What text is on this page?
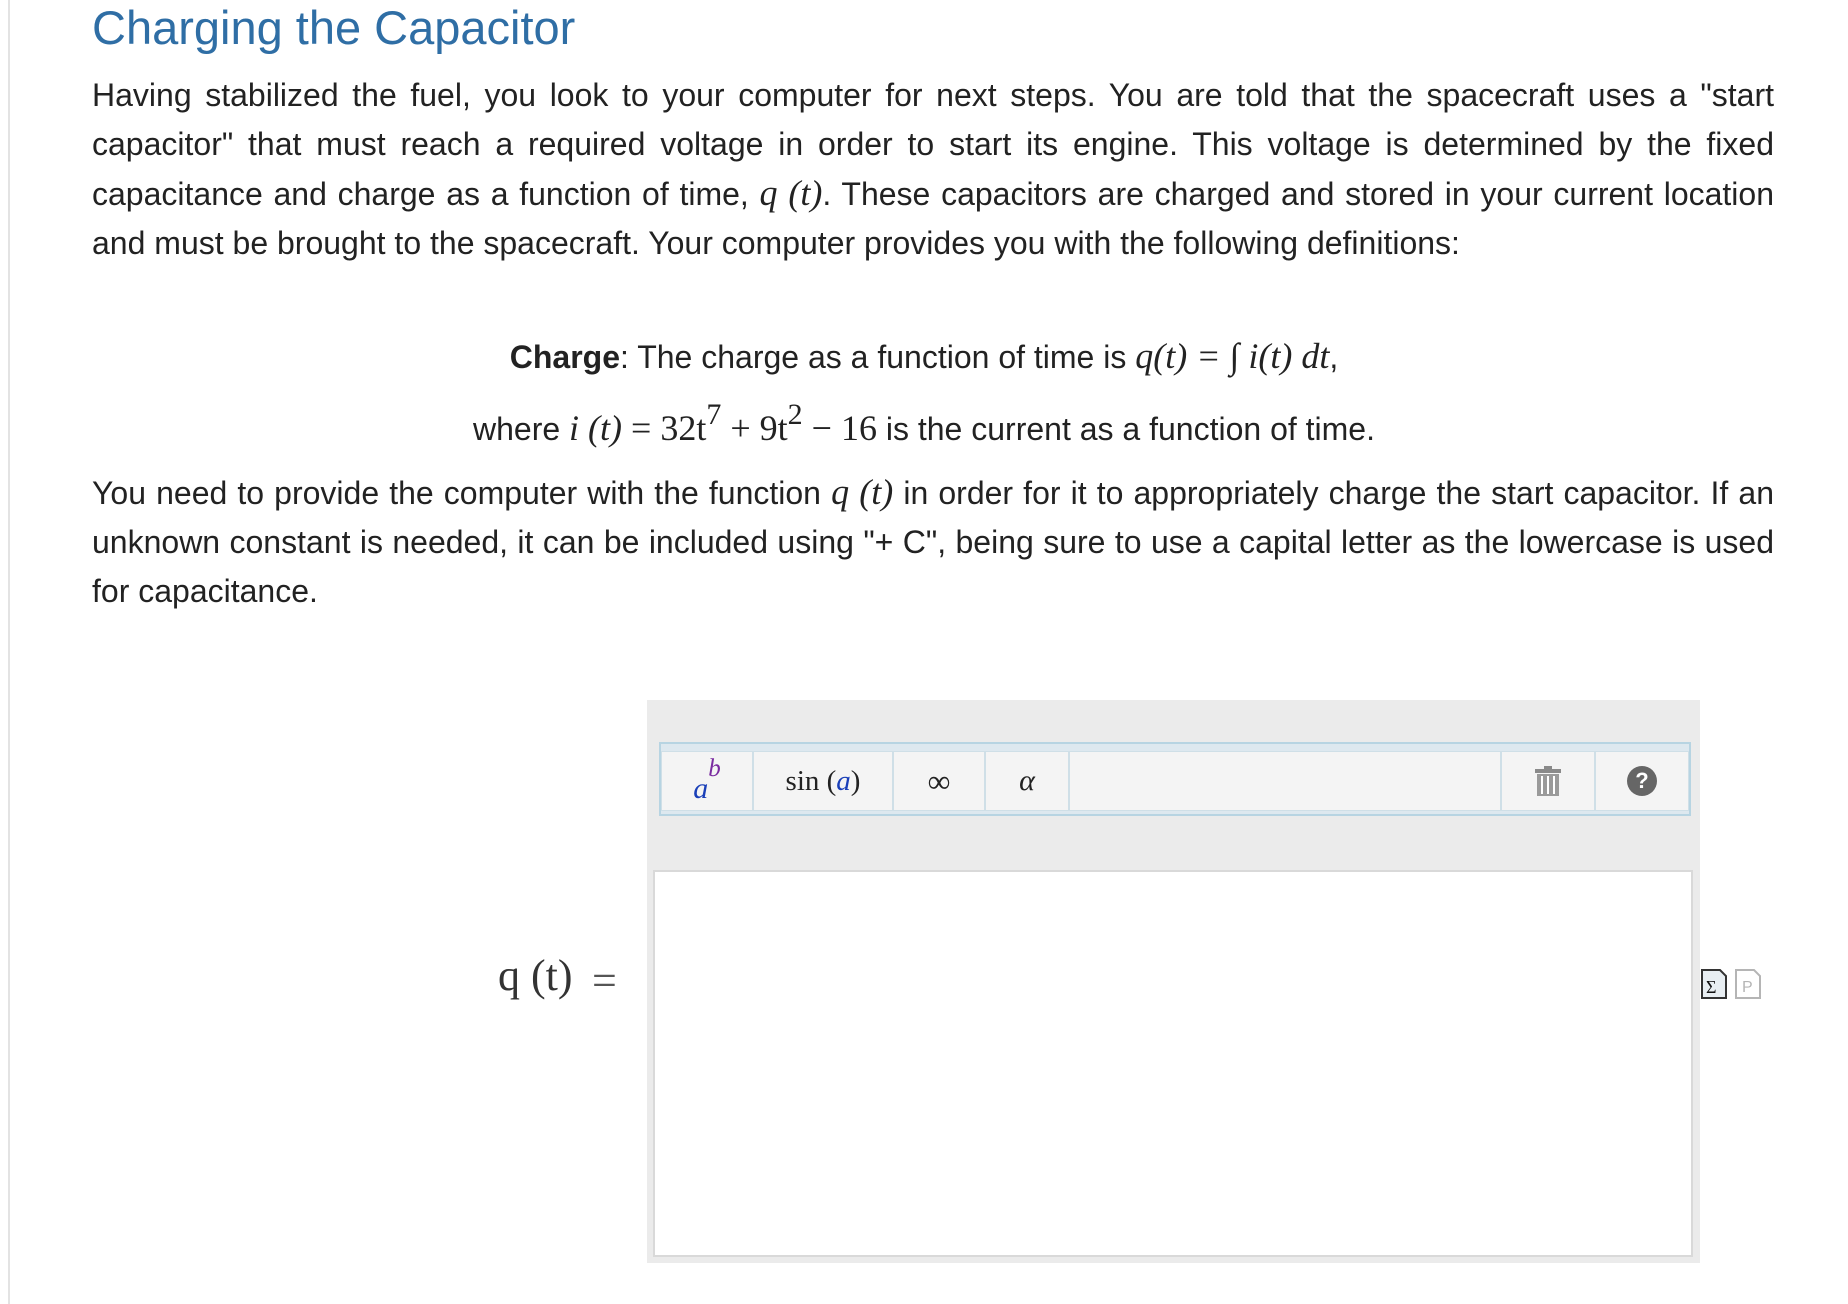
Charging the Capacitor

Having stabilized the fuel, you look to your computer for next steps. You are told that the spacecraft uses a "start capacitor" that must reach a required voltage in order to start its engine. This voltage is determined by the fixed capacitance and charge as a function of time, q (t). These capacitors are charged and stored in your current location and must be brought to the spacecraft. Your computer provides you with the following definitions:

Charge: The charge as a function of time is q(t) = ∫ i(t) dt,

where i (t) = 32t7 + 9t2 − 16 is the current as a function of time.

You need to provide the computer with the function q (t) in order for it to appropriately charge the start capacitor. If an unknown constant is needed, it can be included using "+ C", being sure to use a capital letter as the lowercase is used for capacitance.

q (t) =
a
b sin ( a )	∞	α	?
Σ P
